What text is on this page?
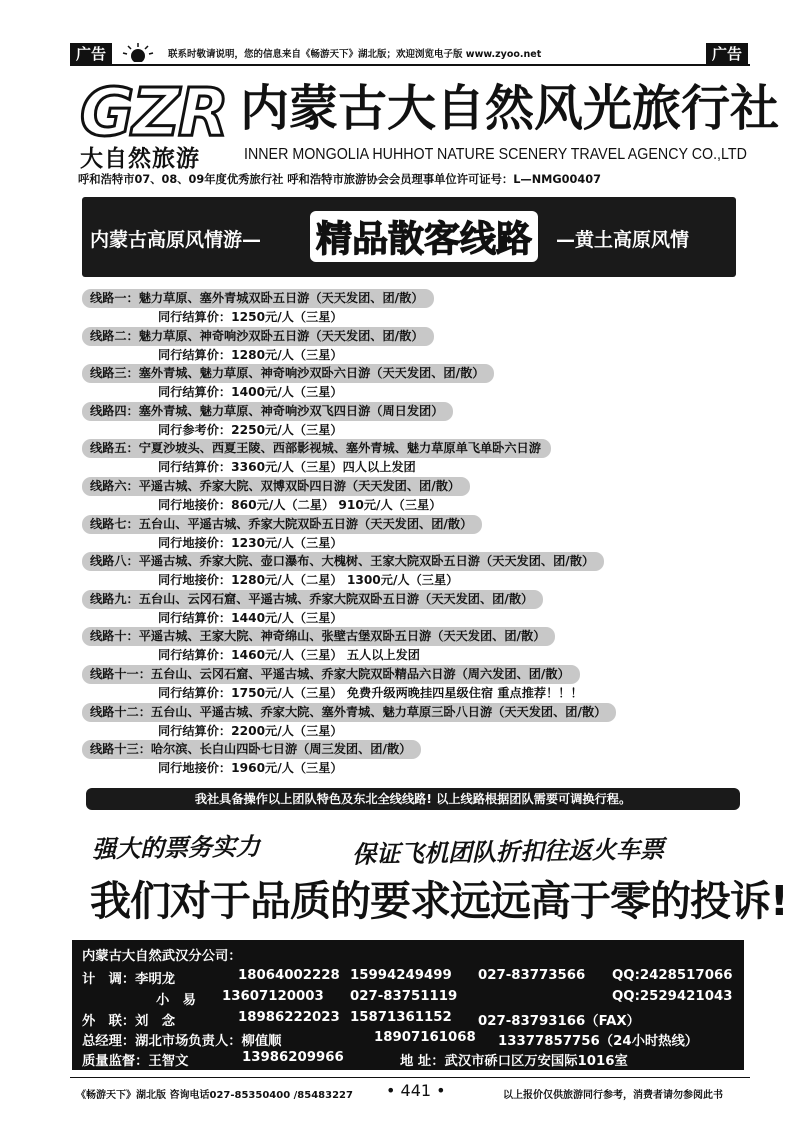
广告	联系时敬请说明，您的信息来自《畅游天下》湖北版；欢迎浏览电子版 www.zyoo.net	广告
GZR
大自然旅游
内蒙古大自然风光旅行社
INNER MONGOLIA HUHHOT NATURE SCENERY TRAVEL AGENCY CO.,LTD
呼和浩特市07、08、09年度优秀旅行社 呼和浩特市旅游协会会员理事单位许可证号：L—NMG00407
内蒙古高原风情游— 精品散客线路	—黄土高原风情
线路一：魅力草原、塞外青城双卧五日游（天天发团、团/散）
同行结算价：1250元/人（三星）
线路二：魅力草原、神奇响沙双卧五日游（天天发团、团/散）
同行结算价：1280元/人（三星）
线路三：塞外青城、魅力草原、神奇响沙双卧六日游（天天发团、团/散）
同行结算价：1400元/人（三星）
线路四：塞外青城、魅力草原、神奇响沙双飞四日游（周日发团）
同行参考价：2250元/人（三星）
线路五：宁夏沙坡头、西夏王陵、西部影视城、塞外青城、魅力草原单飞单卧六日游
同行结算价：3360元/人（三星）四人以上发团
线路六：平遥古城、乔家大院、双博双卧四日游（天天发团、团/散）
同行地接价：860元/人（二星） 910元/人（三星）
线路七：五台山、平遥古城、乔家大院双卧五日游（天天发团、团/散）
同行地接价：1230元/人（三星）
线路八：平遥古城、乔家大院、壶口瀑布、大槐树、王家大院双卧五日游（天天发团、团/散）
同行地接价：1280元/人（二星） 1300元/人（三星）
线路九：五台山、云冈石窟、平遥古城、乔家大院双卧五日游（天天发团、团/散）
同行结算价：1440元/人（三星）
线路十：平遥古城、王家大院、神奇绵山、张壁古堡双卧五日游（天天发团、团/散）
同行结算价：1460元/人（三星） 五人以上发团
线路十一：五台山、云冈石窟、平遥古城、乔家大院双卧精品六日游（周六发团、团/散）
同行结算价：1750元/人（三星） 免费升级两晚挂四星级住宿 重点推荐！！！
线路十二：五台山、平遥古城、乔家大院、塞外青城、魅力草原三卧八日游（天天发团、团/散）
同行结算价：2200元/人（三星）
线路十三：哈尔滨、长白山四卧七日游（周三发团、团/散）
同行地接价：1960元/人（三星）
我社具备操作以上团队特色及东北全线线路! 以上线路根据团队需要可调换行程。
强大的票务实力	保证飞机团队折扣往返火车票
我们对于品质的要求远远高于零的投诉!
内蒙古大自然武汉分公司：
计　调：李明龙	18064002228 15994249499 027-83773566 QQ:2428517066
小　易 13607120003 027-83751119	QQ:2529421043
外　联：刘　念	18986222023 15871361152 027-83793166（FAX）
总经理：湖北市场负责人：柳值顺	18907161068 13377857756（24小时热线）
质量监督：王智文	13986209966	地 址：武汉市硚口区万安国际1016室
《畅游天下》湖北版 咨询电话027-85350400 /85483227 • 441 •	以上报价仅供旅游同行参考，消费者请勿参阅此书
